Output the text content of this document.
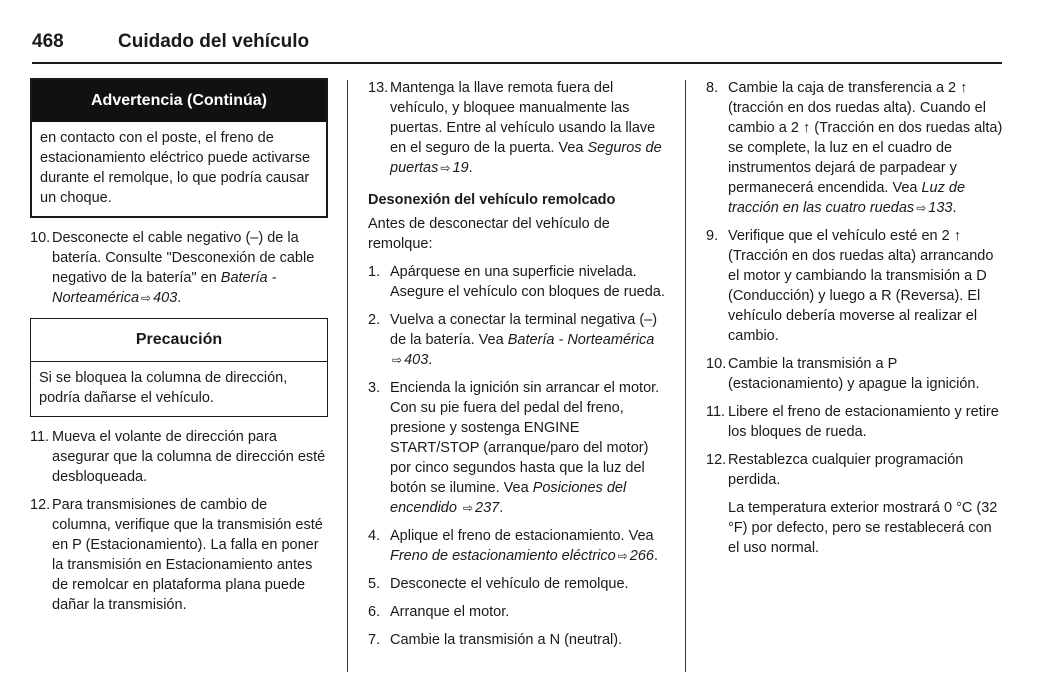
468	Cuidado del vehículo
Advertencia (Continúa)
en contacto con el poste, el freno de estacionamiento eléctrico puede activarse durante el remolque, lo que podría causar un choque.
10. Desconecte el cable negativo (–) de la batería. Consulte "Desconexión de cable negativo de la batería" en Batería - Norteamérica ⇨ 403.
Precaución
Si se bloquea la columna de dirección, podría dañarse el vehículo.
11. Mueva el volante de dirección para asegurar que la columna de dirección esté desbloqueada.
12. Para transmisiones de cambio de columna, verifique que la transmisión esté en P (Estacionamiento). La falla en poner la transmisión en Estacionamiento antes de remolcar en plataforma plana puede dañar la transmisión.
13. Mantenga la llave remota fuera del vehículo, y bloquee manualmente las puertas. Entre al vehículo usando la llave en el seguro de la puerta. Vea Seguros de puertas ⇨ 19.
Desonexión del vehículo remolcado
Antes de desconectar del vehículo de remolque:
1. Apárquese en una superficie nivelada. Asegure el vehículo con bloques de rueda.
2. Vuelva a conectar la terminal negativa (–) de la batería. Vea Batería - Norteamérica ⇨ 403.
3. Encienda la ignición sin arrancar el motor. Con su pie fuera del pedal del freno, presione y sostenga ENGINE START/STOP (arranque/paro del motor) por cinco segundos hasta que la luz del botón se ilumine. Vea Posiciones del encendido ⇨ 237.
4. Aplique el freno de estacionamiento. Vea Freno de estacionamiento eléctrico ⇨ 266.
5. Desconecte el vehículo de remolque.
6. Arranque el motor.
7. Cambie la transmisión a N (neutral).
8. Cambie la caja de transferencia a 2 ↑ (tracción en dos ruedas alta). Cuando el cambio a 2 ↑ (Tracción en dos ruedas alta) se complete, la luz en el cuadro de instrumentos dejará de parpadear y permanecerá encendida. Vea Luz de tracción en las cuatro ruedas ⇨ 133.
9. Verifique que el vehículo esté en 2 ↑ (Tracción en dos ruedas alta) arrancando el motor y cambiando la transmisión a D (Conducción) y luego a R (Reversa). El vehículo debería moverse al realizar el cambio.
10. Cambie la transmisión a P (estacionamiento) y apague la ignición.
11. Libere el freno de estacionamiento y retire los bloques de rueda.
12. Restablezca cualquier programación perdida.
La temperatura exterior mostrará 0 °C (32 °F) por defecto, pero se restablecerá con el uso normal.
